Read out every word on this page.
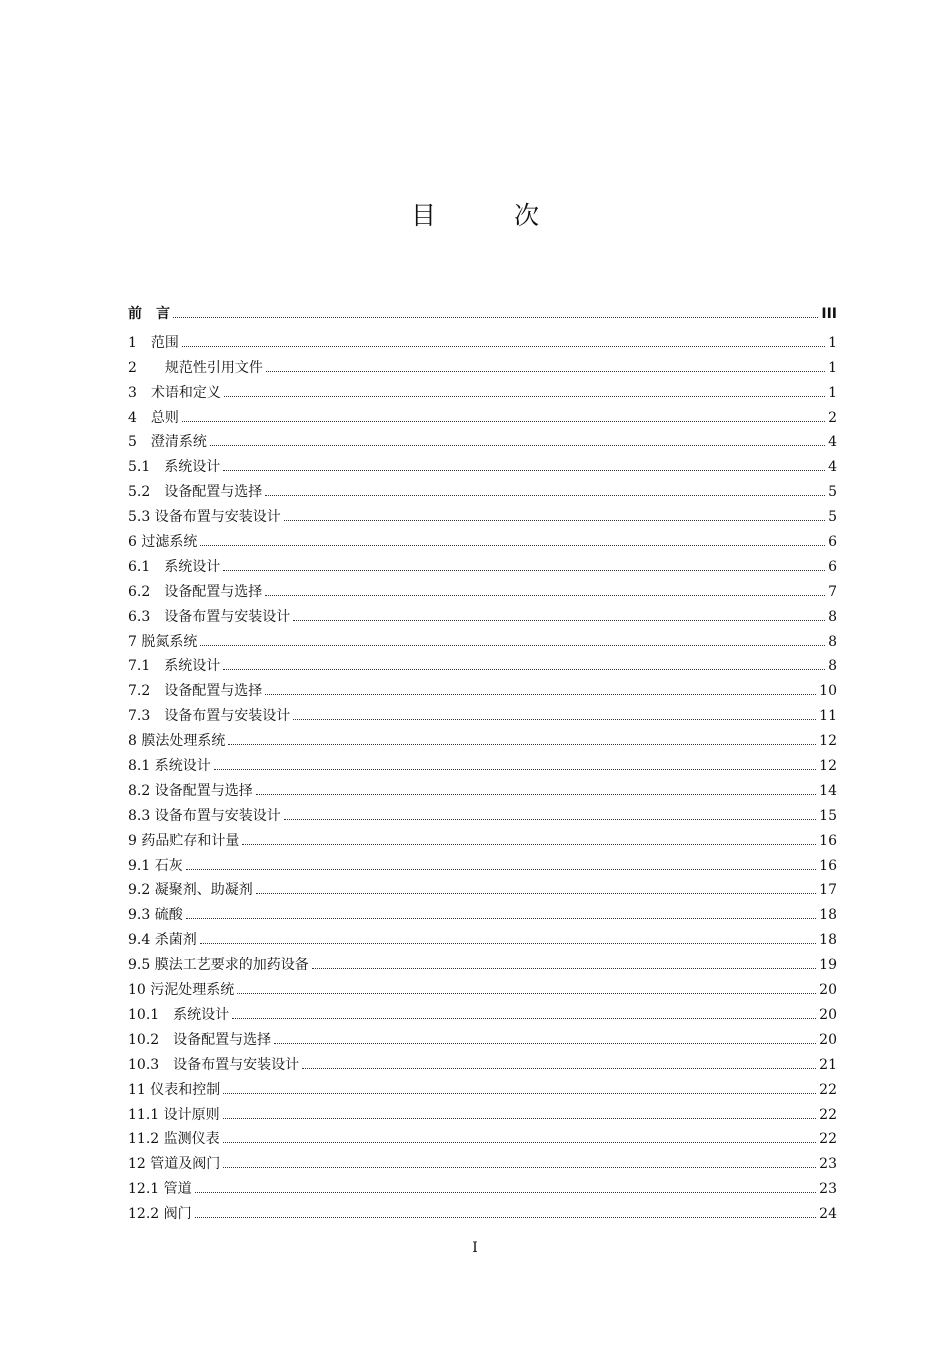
目	次
前　言	III
1　范围	1
2　　规范性引用文件	1
3　术语和定义	1
4　总则	2
5　澄清系统	4
5.1　系统设计	4
5.2　设备配置与选择	5
5.3 设备布置与安装设计	5
6 过滤系统	6
6.1　系统设计	6
6.2　设备配置与选择	7
6.3　设备布置与安装设计	8
7 脱氮系统	8
7.1　系统设计	8
7.2　设备配置与选择	10
7.3　设备布置与安装设计	11
8 膜法处理系统	12
8.1 系统设计	12
8.2 设备配置与选择	14
8.3 设备布置与安装设计	15
9 药品贮存和计量	16
9.1 石灰	16
9.2 凝聚剂、助凝剂	17
9.3 硫酸	18
9.4 杀菌剂	18
9.5 膜法工艺要求的加药设备	19
10 污泥处理系统	20
10.1　系统设计	20
10.2　设备配置与选择	20
10.3　设备布置与安装设计	21
11 仪表和控制	22
11.1 设计原则	22
11.2 监测仪表	22
12 管道及阀门	23
12.1 管道	23
12.2 阀门	24
I
